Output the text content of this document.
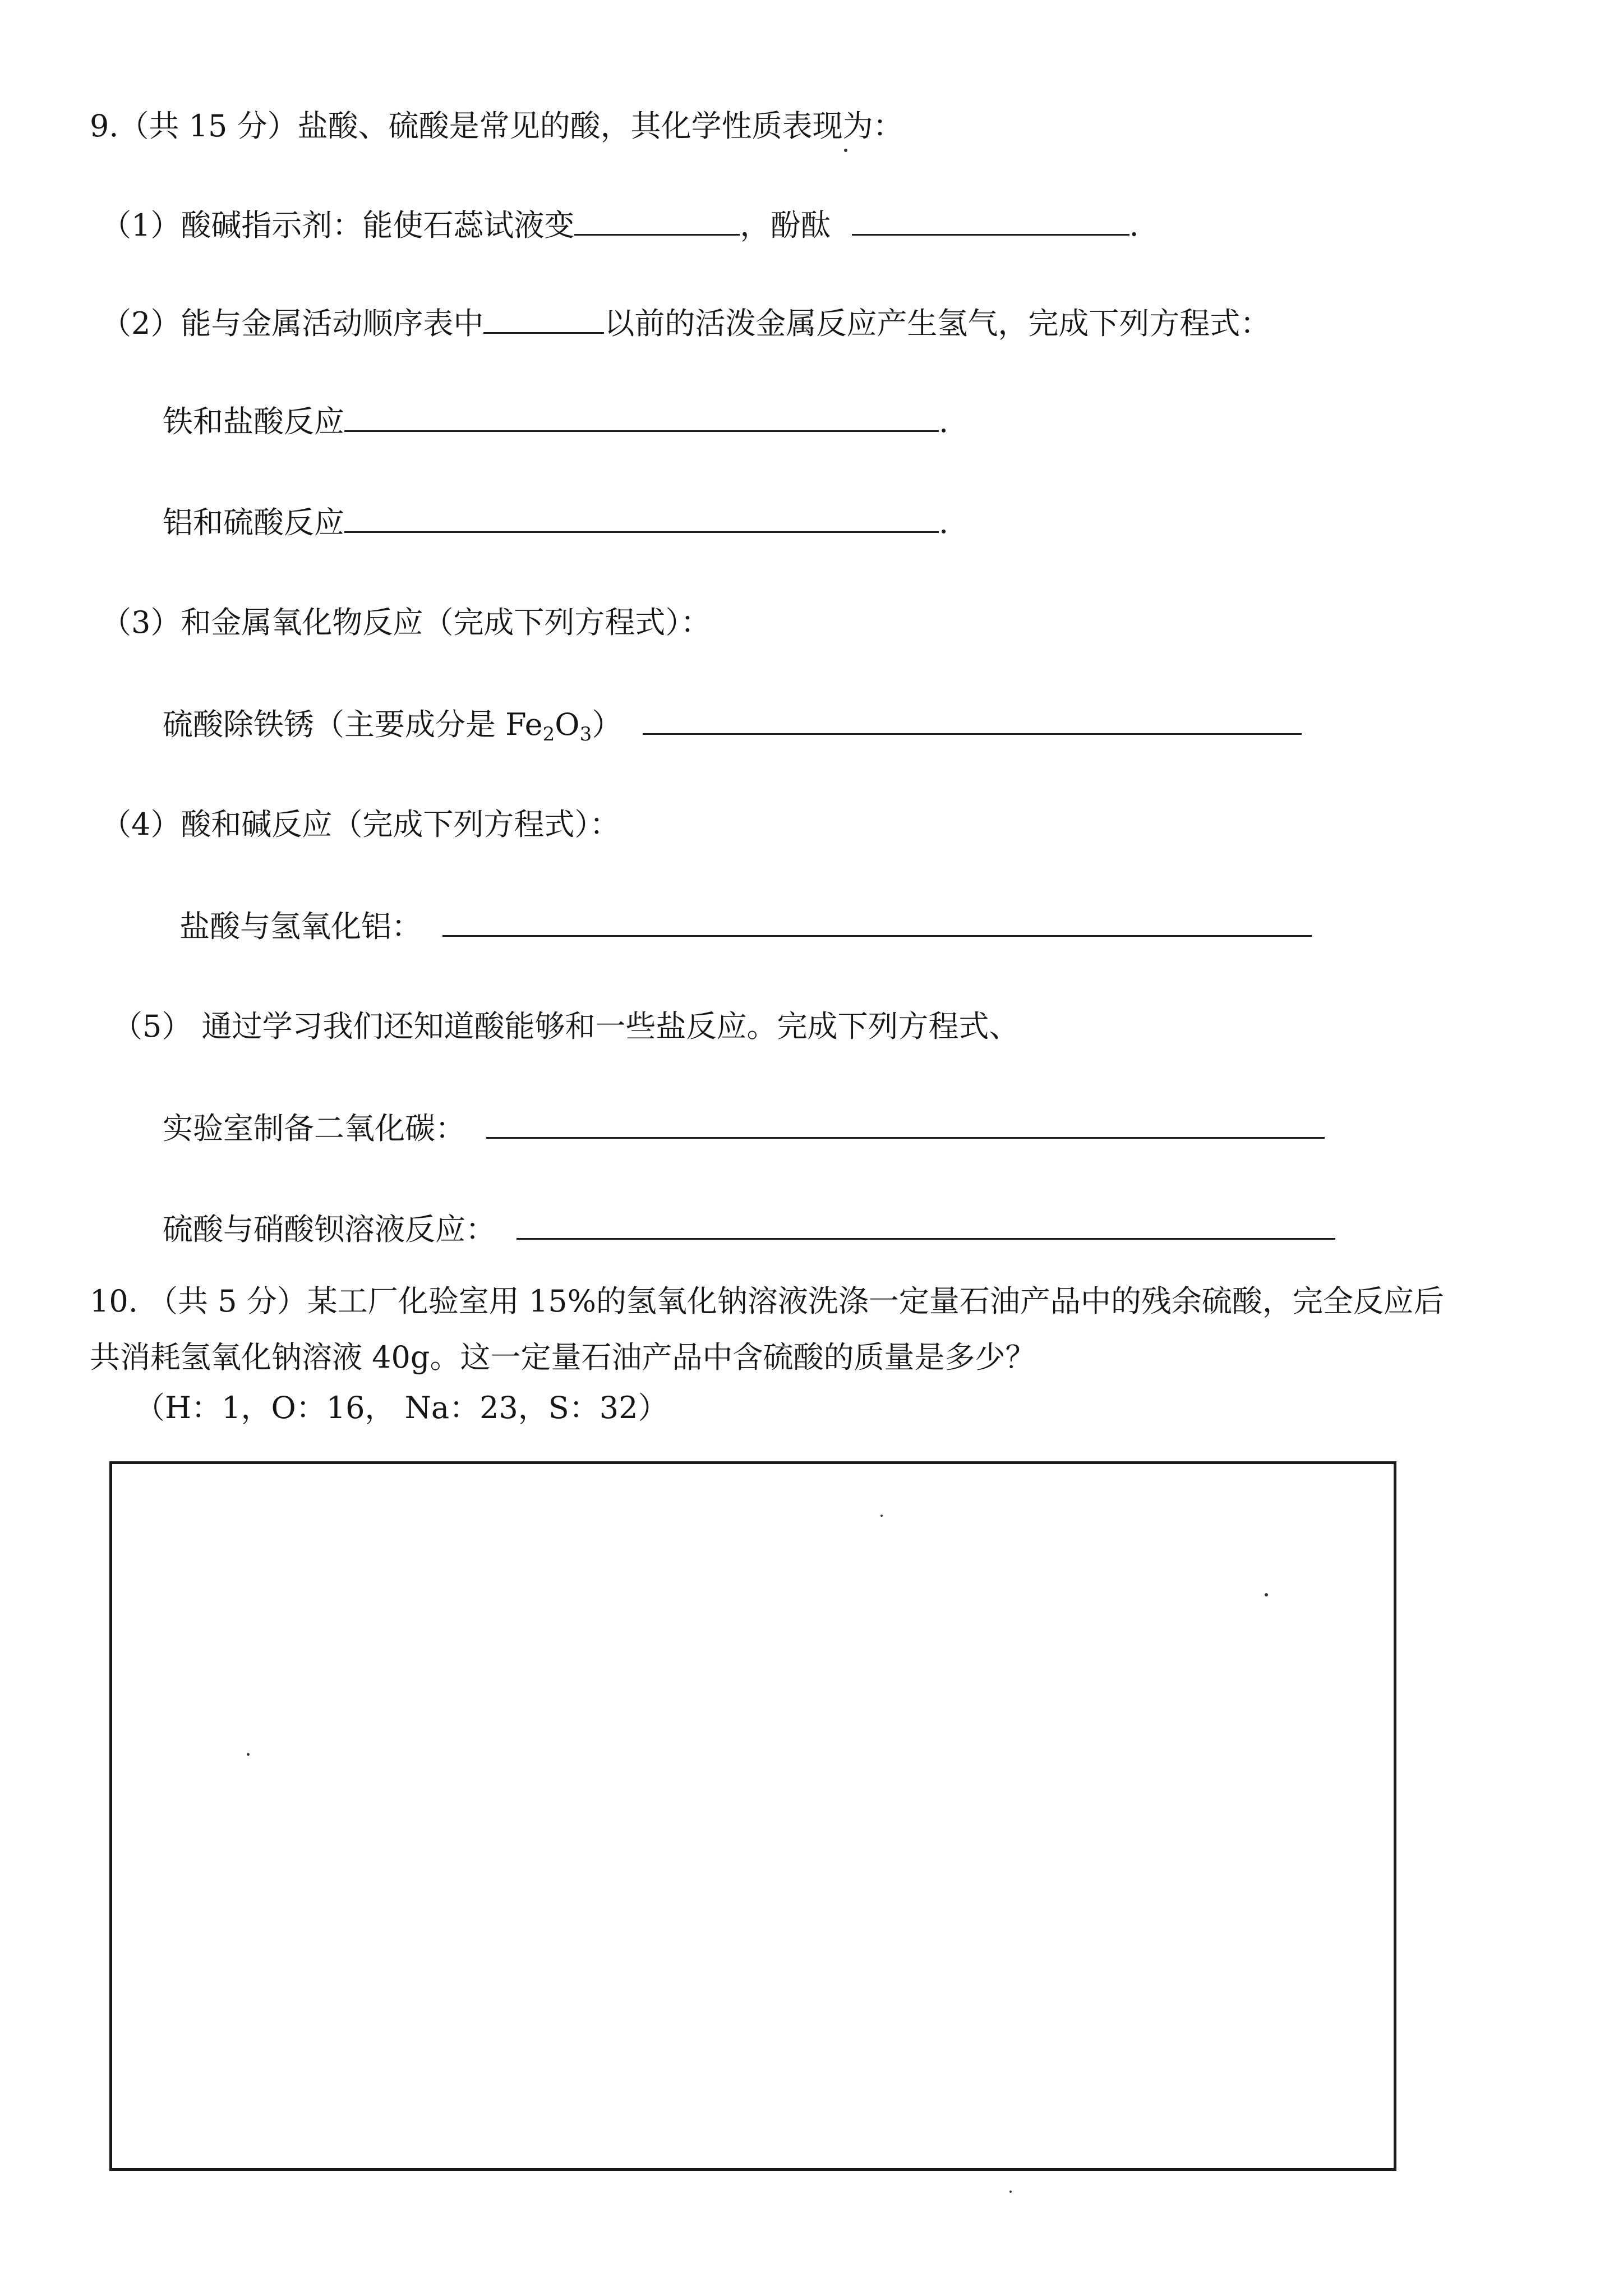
9.（共 15 分）盐酸、硫酸是常见的酸，其化学性质表现为：
（1）酸碱指示剂：能使石蕊试液变	，酚酞	.
（2）能与金属活动顺序表中	以前的活泼金属反应产生氢气，完成下列方程式：
铁和盐酸反应	.
铝和硫酸反应	.
（3）和金属氧化物反应（完成下列方程式）：
硫酸除铁锈（主要成分是 $Fe_2O_3$）
（4）酸和碱反应（完成下列方程式）：
盐酸与氢氧化铝：
（5） 通过学习我们还知道酸能够和一些盐反应。完成下列方程式、
实验室制备二氧化碳：
硫酸与硝酸钡溶液反应：
10. （共 5 分）某工厂化验室用 15%的氢氧化钠溶液洗涤一定量石油产品中的残余硫酸，完全反应后
共消耗氢氧化钠溶液 40g。这一定量石油产品中含硫酸的质量是多少？
（H：1，O：16， Na：23，S：32）
